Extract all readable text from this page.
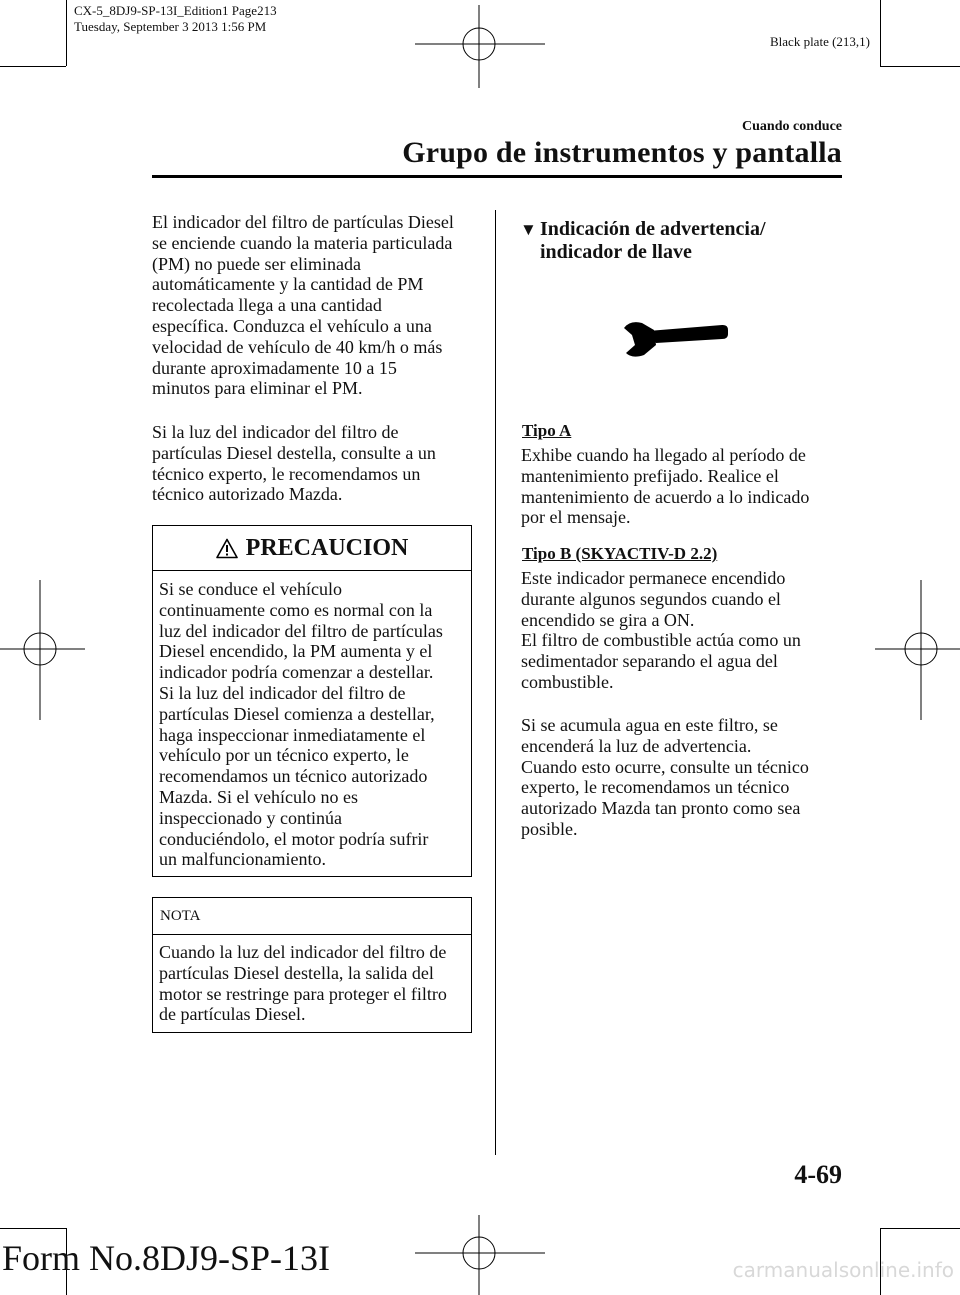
CX-5_8DJ9-SP-13I_Edition1 Page213
Tuesday, September 3 2013 1:56 PM
Black plate (213,1)
Cuando conduce
Grupo de instrumentos y pantalla

El indicador del filtro de partículas Diesel

se enciende cuando la materia particulada

(PM) no puede ser eliminada

automáticamente y la cantidad de PM

recolectada llega a una cantidad

específica. Conduzca el vehículo a una

velocidad de vehículo de 40 km/h o más

durante aproximadamente 10 a 15

minutos para eliminar el PM.

Si la luz del indicador del filtro de

partículas Diesel destella, consulte a un

técnico experto, le recomendamos un

técnico autorizado Mazda.

PRECAUCION
Si se conduce el vehículo
continuamente como es normal con la
luz del indicador del filtro de partículas
Diesel encendido, la PM aumenta y el
indicador podría comenzar a destellar.
Si la luz del indicador del filtro de
partículas Diesel comienza a destellar,
haga inspeccionar inmediatamente el
vehículo por un técnico experto, le
recomendamos un técnico autorizado
Mazda. Si el vehículo no es
inspeccionado y continúa
conduciéndolo, el motor podría sufrir
un malfuncionamiento.
NOTA
Cuando la luz del indicador del filtro de
partículas Diesel destella, la salida del
motor se restringe para proteger el filtro
de partículas Diesel.
▼ Indicación de advertencia/
indicador de llave
Tipo A

Exhibe cuando ha llegado al período de

mantenimiento prefijado. Realice el

mantenimiento de acuerdo a lo indicado

por el mensaje.

Tipo B (SKYACTIV-D 2.2)

Este indicador permanece encendido

durante algunos segundos cuando el

encendido se gira a ON.

El filtro de combustible actúa como un

sedimentador separando el agua del

combustible.

Si se acumula agua en este filtro, se

encenderá la luz de advertencia.

Cuando esto ocurre, consulte un técnico

experto, le recomendamos un técnico

autorizado Mazda tan pronto como sea

posible.

4-69
Form No.8DJ9-SP-13I	carmanualsonline.info
